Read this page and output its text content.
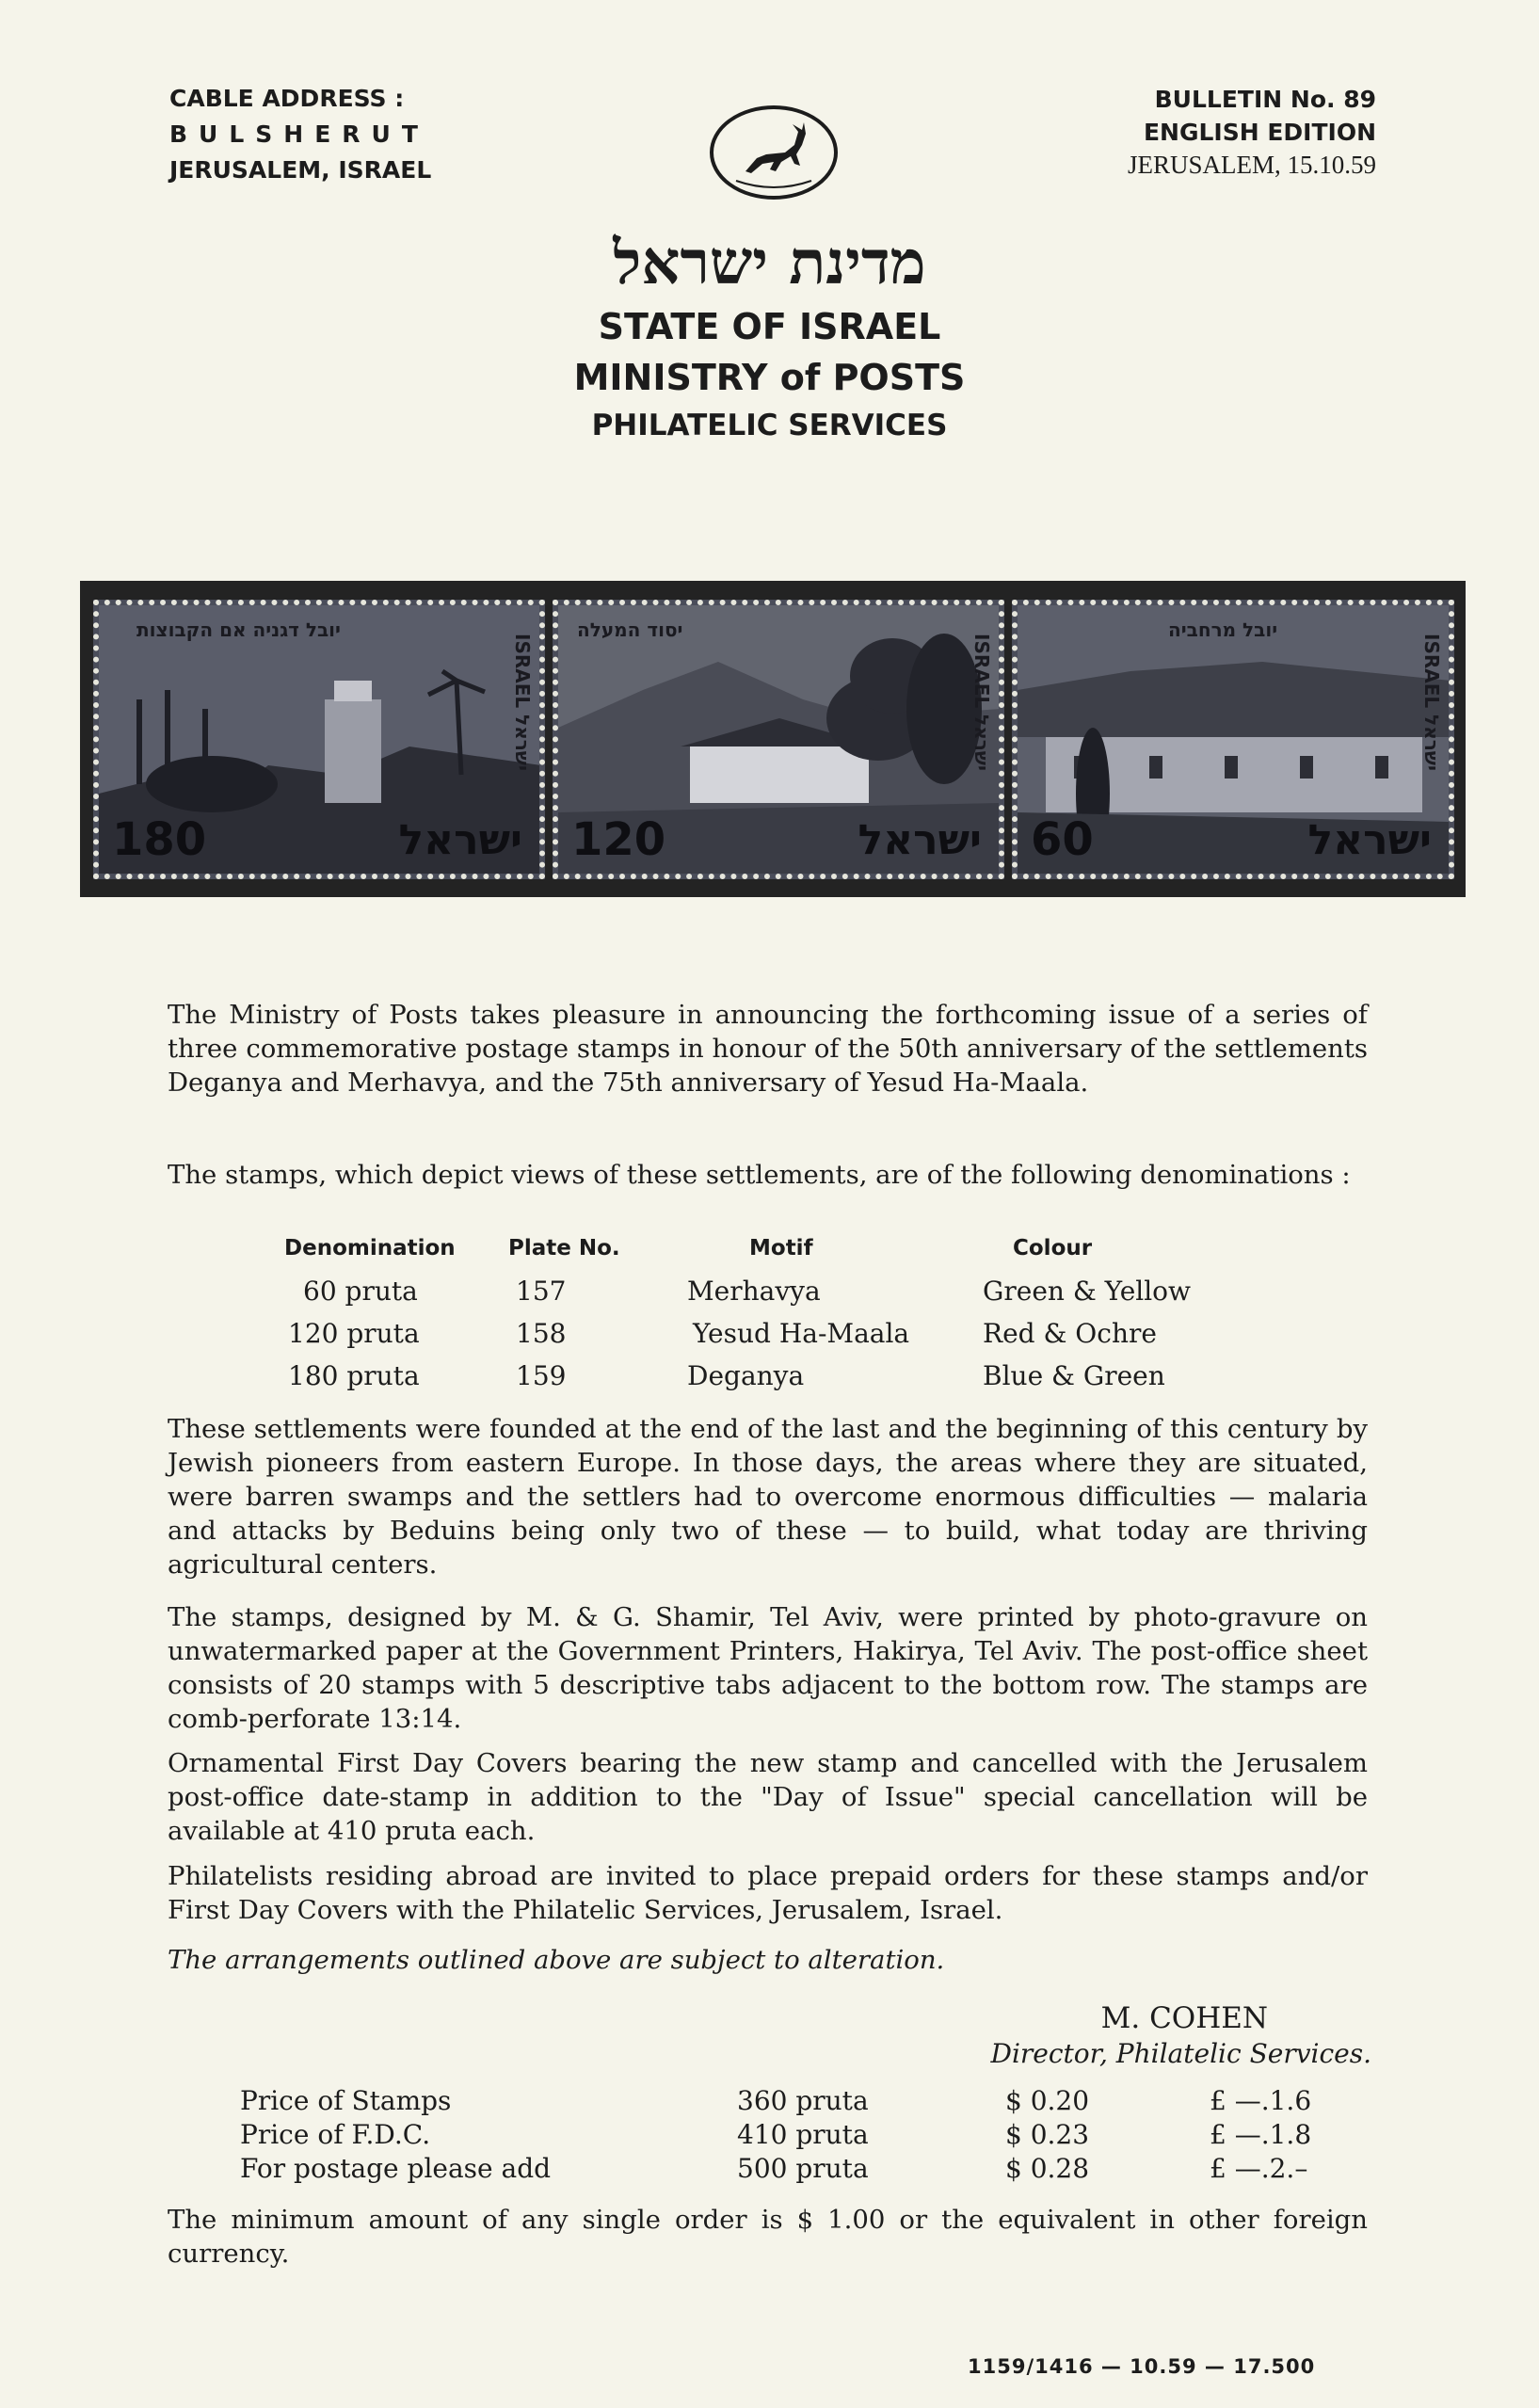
CABLE ADDRESS :
BULSHERUT
JERUSALEM, ISRAEL
BULLETIN No. 89
ENGLISH EDITION
JERUSALEM, 15.10.59
מדינת ישראל
STATE OF ISRAEL
MINISTRY of POSTS
PHILATELIC SERVICES
יובל דגניה אם הקבוצות
ISRAEL ישראל
180	ישראל
יסוד המעלה
ISRAEL ישראל
120	ישראל
יובל מרחביה
ISRAEL ישראל
60	ישראל

The Ministry of Posts takes pleasure in announcing the forthcoming issue of a series of three commemorative postage stamps in honour of the 50th anniversary of the settlements Deganya and Merhavya, and the 75th anniversary of Yesud Ha-Maala.

The stamps, which depict views of these settlements, are of the following denominations :

Denomination Plate No.	Motif	Colour
60 pruta	157	Merhavya	Green & Yellow
120 pruta	158	Yesud Ha-Maala	Red & Ochre
180 pruta	159	Deganya	Blue & Green

These settlements were founded at the end of the last and the beginning of this century by Jewish pioneers from eastern Europe. In those days, the areas where they are situated, were barren swamps and the settlers had to overcome enormous difficulties — malaria and attacks by Beduins being only two of these — to build, what today are thriving agricultural centers.

The stamps, designed by M. & G. Shamir, Tel Aviv, were printed by photo-gravure on unwatermarked paper at the Government Printers, Hakirya, Tel Aviv. The post-office sheet consists of 20 stamps with 5 descriptive tabs adjacent to the bottom row. The stamps are comb-perforate 13:14.

Ornamental First Day Covers bearing the new stamp and cancelled with the Jerusalem post-office date-stamp in addition to the "Day of Issue" special cancellation will be available at 410 pruta each.

Philatelists residing abroad are invited to place prepaid orders for these stamps and/or First Day Covers with the Philatelic Services, Jerusalem, Israel.

The arrangements outlined above are subject to alteration.

M. COHEN
Director, Philatelic Services.
Price of Stamps	360 pruta	$ 0.20	£ —.1.6
Price of F.D.C.	410 pruta	$ 0.23	£ —.1.8
For postage please add	500 pruta	$ 0.28	£ —.2.–

The minimum amount of any single order is $ 1.00 or the equivalent in other foreign currency.

1159/1416 — 10.59 — 17.500
